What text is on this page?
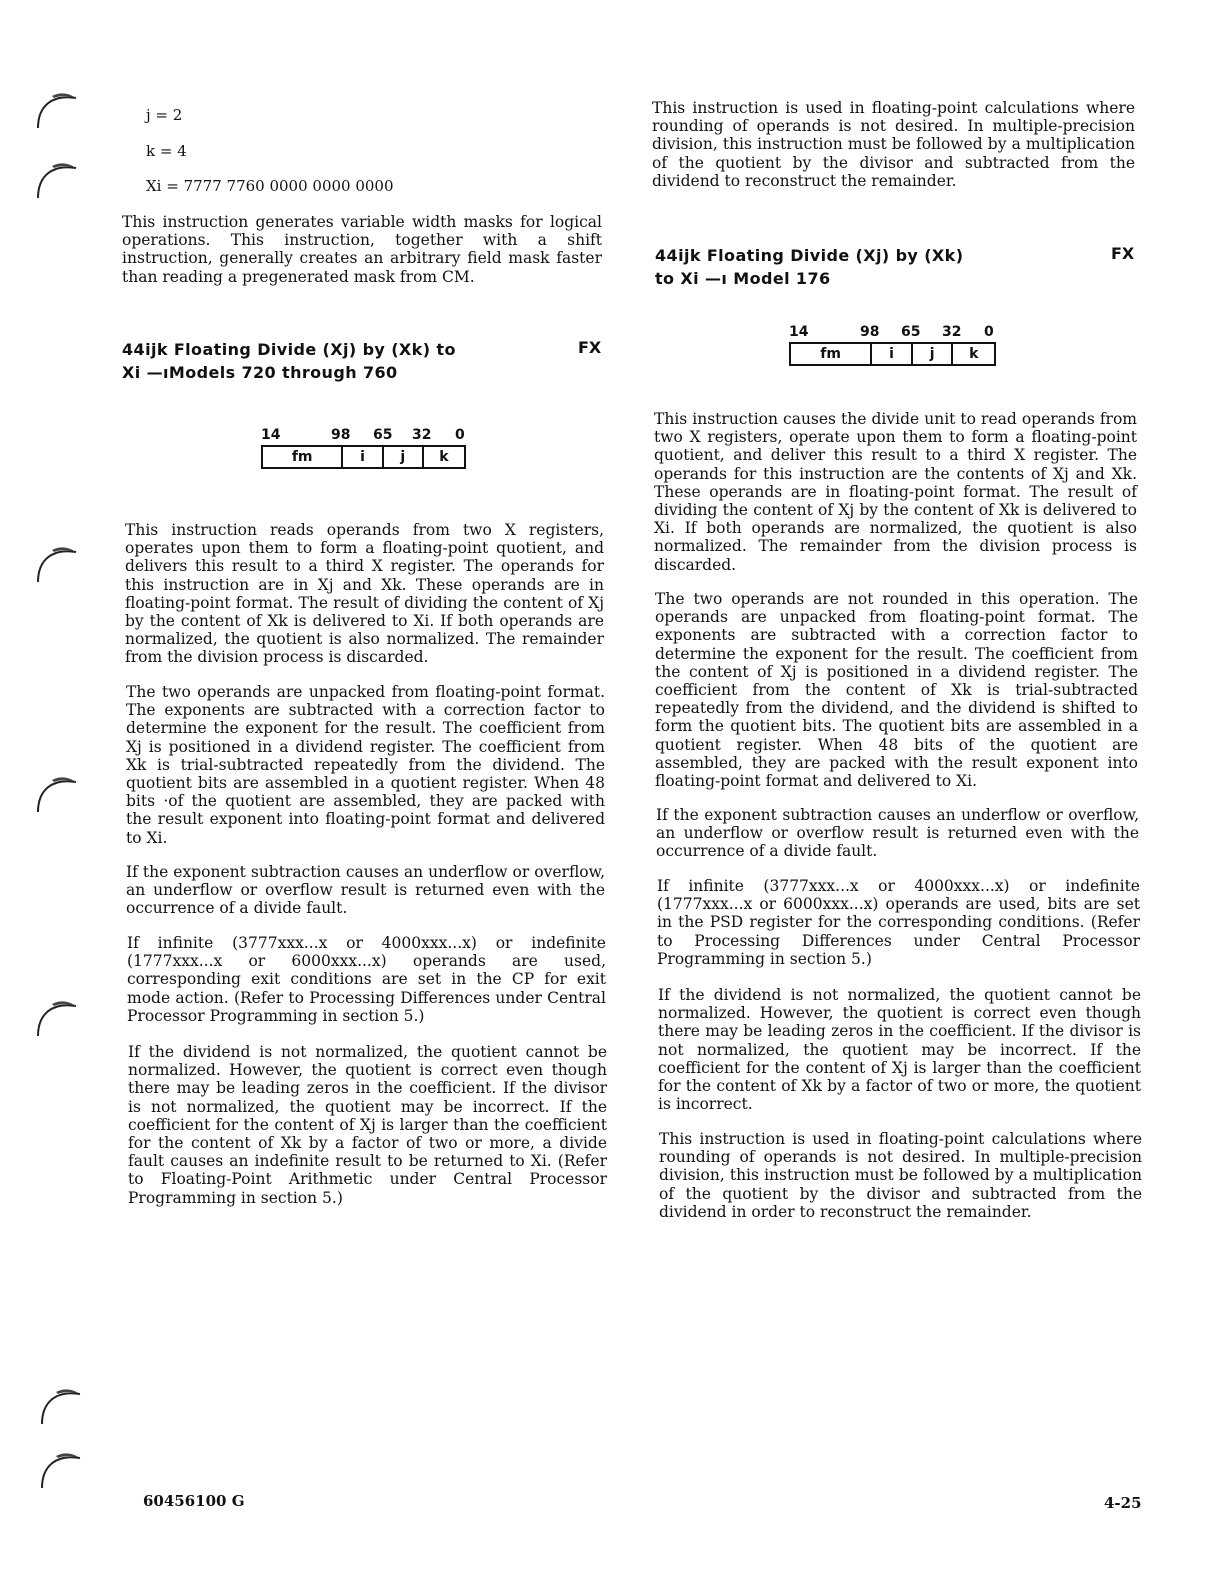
j = 2
k = 4
Xi = 7777 7760 0000 0000 0000

This instruction generates variable width masks for logical operations. This instruction, together with a shift instruction, generally creates an arbitrary field mask faster than reading a pregenerated mask from CM.

44ijk Floating Divide (Xj) by (Xk) to
Xi —ıModels 720 through 760
FX
14	98 65 32 0
fm	i	j	k

This instruction reads operands from two X registers, operates upon them to form a floating-point quotient, and delivers this result to a third X register. The operands for this instruction are in Xj and Xk. These operands are in floating-point format. The result of dividing the content of Xj by the content of Xk is delivered to Xi. If both operands are normalized, the quotient is also normalized. The remainder from the division process is discarded.

The two operands are unpacked from floating-point format. The exponents are subtracted with a correction factor to determine the exponent for the result. The coefficient from Xj is positioned in a dividend register. The coefficient from Xk is trial-subtracted repeatedly from the dividend. The quotient bits are assembled in a quotient register. When 48 bits ·of the quotient are assembled, they are packed with the result exponent into floating-point format and delivered to Xi.

If the exponent subtraction causes an underflow or overflow, an underflow or overflow result is returned even with the occurrence of a divide fault.

If infinite (3777xxx...x or 4000xxx...x) or indefinite (1777xxx...x or 6000xxx...x) operands are used, corresponding exit conditions are set in the CP for exit mode action. (Refer to Processing Differences under Central Processor Programming in section 5.)

If the dividend is not normalized, the quotient cannot be normalized. However, the quotient is correct even though there may be leading zeros in the coefficient. If the divisor is not normalized, the quotient may be incorrect. If the coefficient for the content of Xj is larger than the coefficient for the content of Xk by a factor of two or more, a divide fault causes an indefinite result to be returned to Xi. (Refer to Floating-Point Arithmetic under Central Processor Programming in section 5.)

This instruction is used in floating-point calculations where rounding of operands is not desired. In multiple-precision division, this instruction must be followed by a multiplication of the quotient by the divisor and subtracted from the dividend to reconstruct the remainder.

44ijk Floating Divide (Xj) by (Xk)
to Xi —ı Model 176
FX
14	98 65 32 0
fm	i	j	k

This instruction causes the divide unit to read operands from two X registers, operate upon them to form a floating-point quotient, and deliver this result to a third X register. The operands for this instruction are the contents of Xj and Xk. These operands are in floating-point format. The result of dividing the content of Xj by the content of Xk is delivered to Xi. If both operands are normalized, the quotient is also normalized. The remainder from the division process is discarded.

The two operands are not rounded in this operation. The operands are unpacked from floating-point format. The exponents are subtracted with a correction factor to determine the exponent for the result. The coefficient from the content of Xj is positioned in a dividend register. The coefficient from the content of Xk is trial-subtracted repeatedly from the dividend, and the dividend is shifted to form the quotient bits. The quotient bits are assembled in a quotient register. When 48 bits of the quotient are assembled, they are packed with the result exponent into floating-point format and delivered to Xi.

If the exponent subtraction causes an underflow or overflow, an underflow or overflow result is returned even with the occurrence of a divide fault.

If infinite (3777xxx...x or 4000xxx...x) or indefinite (1777xxx...x or 6000xxx...x) operands are used, bits are set in the PSD register for the corresponding conditions. (Refer to Processing Differences under Central Processor Programming in section 5.)

If the dividend is not normalized, the quotient cannot be normalized. However, the quotient is correct even though there may be leading zeros in the coefficient. If the divisor is not normalized, the quotient may be incorrect. If the coefficient for the content of Xj is larger than the coefficient for the content of Xk by a factor of two or more, the quotient is incorrect.

This instruction is used in floating-point calculations where rounding of operands is not desired. In multiple-precision division, this instruction must be followed by a multiplication of the quotient by the divisor and subtracted from the dividend in order to reconstruct the remainder.

60456100 G	4-25
